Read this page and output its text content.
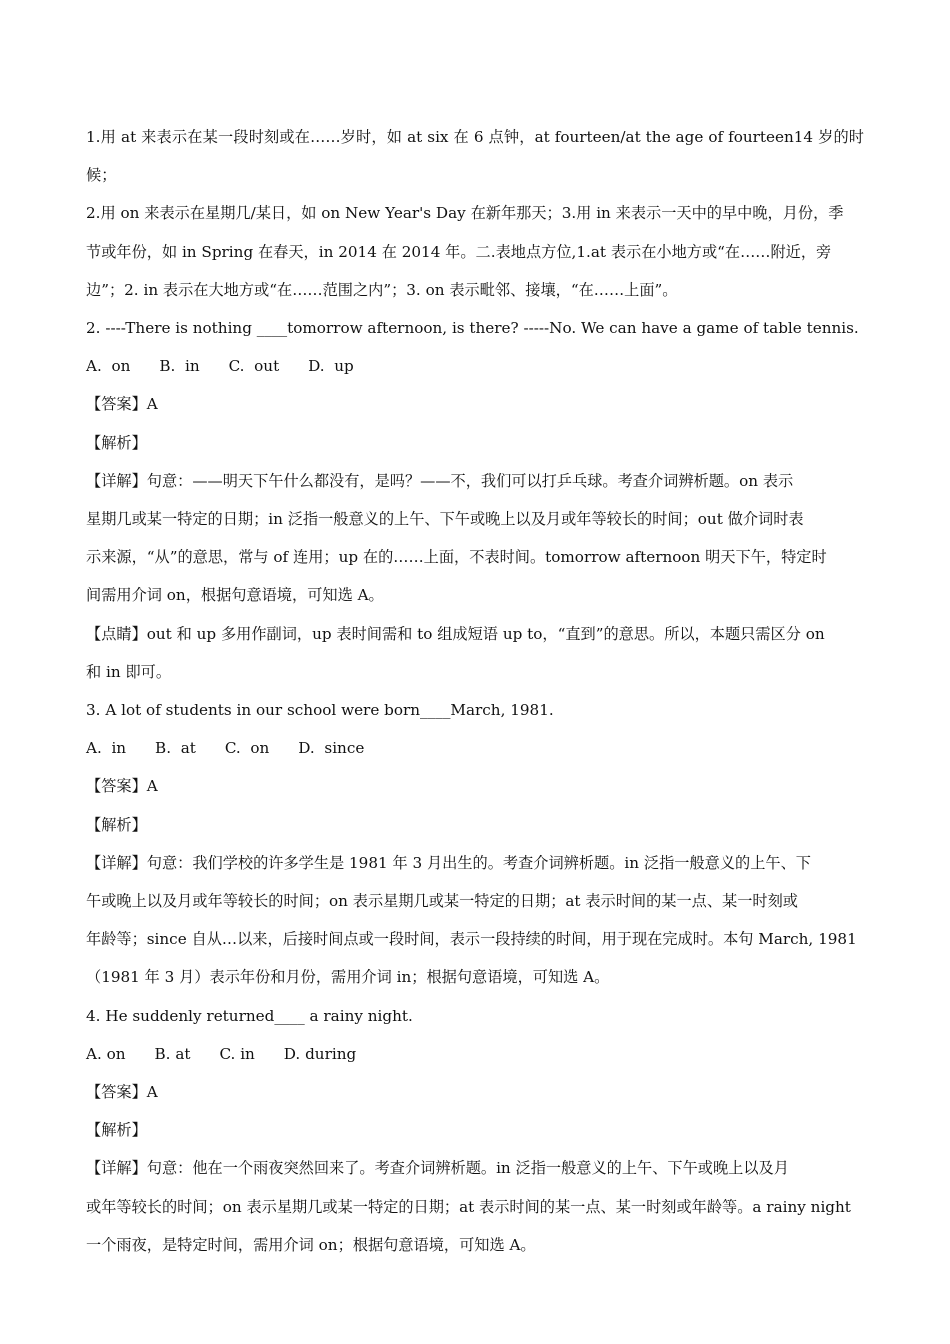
1.用 at 来表示在某一段时刻或在……岁时，如 at six 在 6 点钟，at fourteen/at the age of fourteen14 岁的时候；

2.用 on 来表示在星期几/某日，如 on New Year's Day 在新年那天；3.用 in 来表示一天中的早中晚，月份，季

节或年份，如 in Spring 在春天，in 2014 在 2014 年。二.表地点方位,1.at 表示在小地方或“在……附近，旁

边”；2. in 表示在大地方或“在……范围之内”；3. on 表示毗邻、接壤，“在……上面”。

2. ----There is nothing ____tomorrow afternoon, is there? -----No. We can have a game of table tennis.

A.  on      B.  in      C.  out      D.  up

【答案】A

【解析】

【详解】句意：——明天下午什么都没有，是吗？——不，我们可以打乒乓球。考查介词辨析题。on 表示

星期几或某一特定的日期；in 泛指一般意义的上午、下午或晚上以及月或年等较长的时间；out 做介词时表

示来源，“从”的意思，常与 of 连用；up 在的……上面，不表时间。tomorrow afternoon 明天下午，特定时

间需用介词 on，根据句意语境，可知选 A。

【点睛】out 和 up 多用作副词，up 表时间需和 to 组成短语 up to，“直到”的意思。所以，本题只需区分 on

和 in 即可。

3. A lot of students in our school were born____March, 1981.

A.  in      B.  at      C.  on      D.  since

【答案】A

【解析】

【详解】句意：我们学校的许多学生是 1981 年 3 月出生的。考查介词辨析题。in 泛指一般意义的上午、下

午或晚上以及月或年等较长的时间；on 表示星期几或某一特定的日期；at 表示时间的某一点、某一时刻或

年龄等；since 自从…以来，后接时间点或一段时间，表示一段持续的时间，用于现在完成时。本句 March, 1981

（1981 年 3 月）表示年份和月份，需用介词 in；根据句意语境，可知选 A。

4. He suddenly returned____ a rainy night.

A. on      B. at      C. in      D. during

【答案】A

【解析】

【详解】句意：他在一个雨夜突然回来了。考查介词辨析题。in 泛指一般意义的上午、下午或晚上以及月

或年等较长的时间；on 表示星期几或某一特定的日期；at 表示时间的某一点、某一时刻或年龄等。a rainy night

一个雨夜，是特定时间，需用介词 on；根据句意语境，可知选 A。
